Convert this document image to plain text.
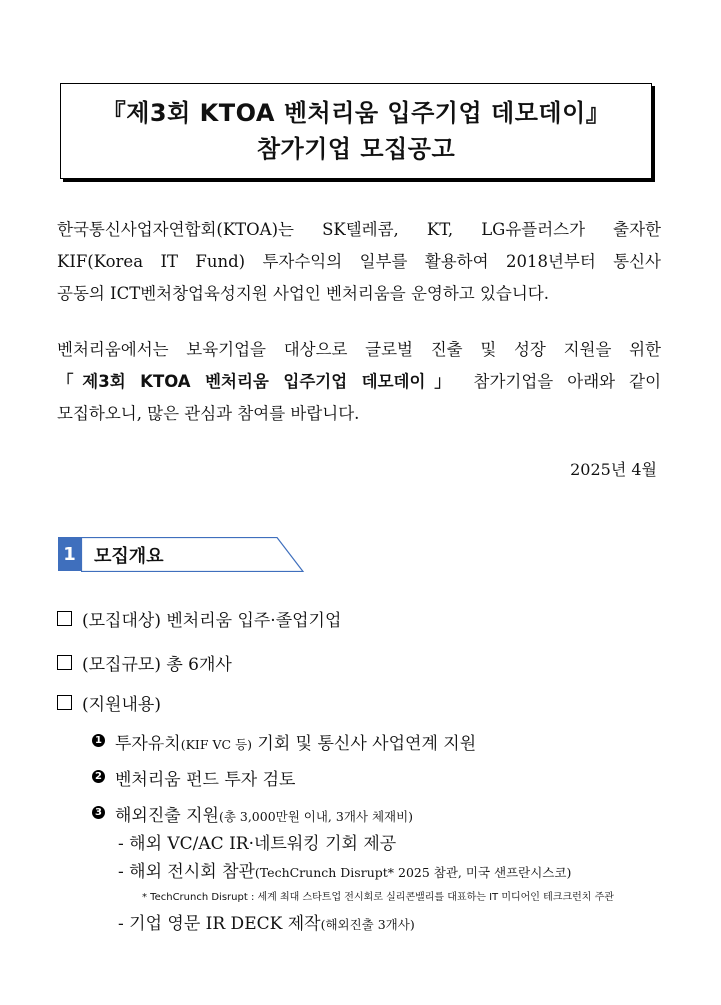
『제3회 KTOA 벤처리움 입주기업 데모데이』
참가기업 모집공고
한국통신사업자연합회(KTOA)는 SK텔레콤, KT, LG유플러스가 출자한
KIF(Korea IT Fund) 투자수익의 일부를 활용하여 2018년부터 통신사
공동의 ICT벤처창업육성지원 사업인 벤처리움을 운영하고 있습니다.
벤처리움에서는 보육기업을 대상으로 글로벌 진출 및 성장 지원을 위한
「제3회 KTOA 벤처리움 입주기업 데모데이」 참가기업을 아래와 같이
모집하오니, 많은 관심과 참여를 바랍니다.
2025년 4월
1 모집개요
(모집대상) 벤처리움 입주·졸업기업
(모집규모) 총 6개사
(지원내용)
1 투자유치(KIF VC 등) 기회 및 통신사 사업연계 지원
2 벤처리움 펀드 투자 검토
3 해외진출 지원(총 3,000만원 이내, 3개사 체재비)
- 해외 VC/AC IR·네트워킹 기회 제공
- 해외 전시회 참관(TechCrunch Disrupt* 2025 참관, 미국 샌프란시스코)
* TechCrunch Disrupt : 세계 최대 스타트업 전시회로 실리콘밸리를 대표하는 IT 미디어인 테크크런치 주관
- 기업 영문 IR DECK 제작(해외진출 3개사)
